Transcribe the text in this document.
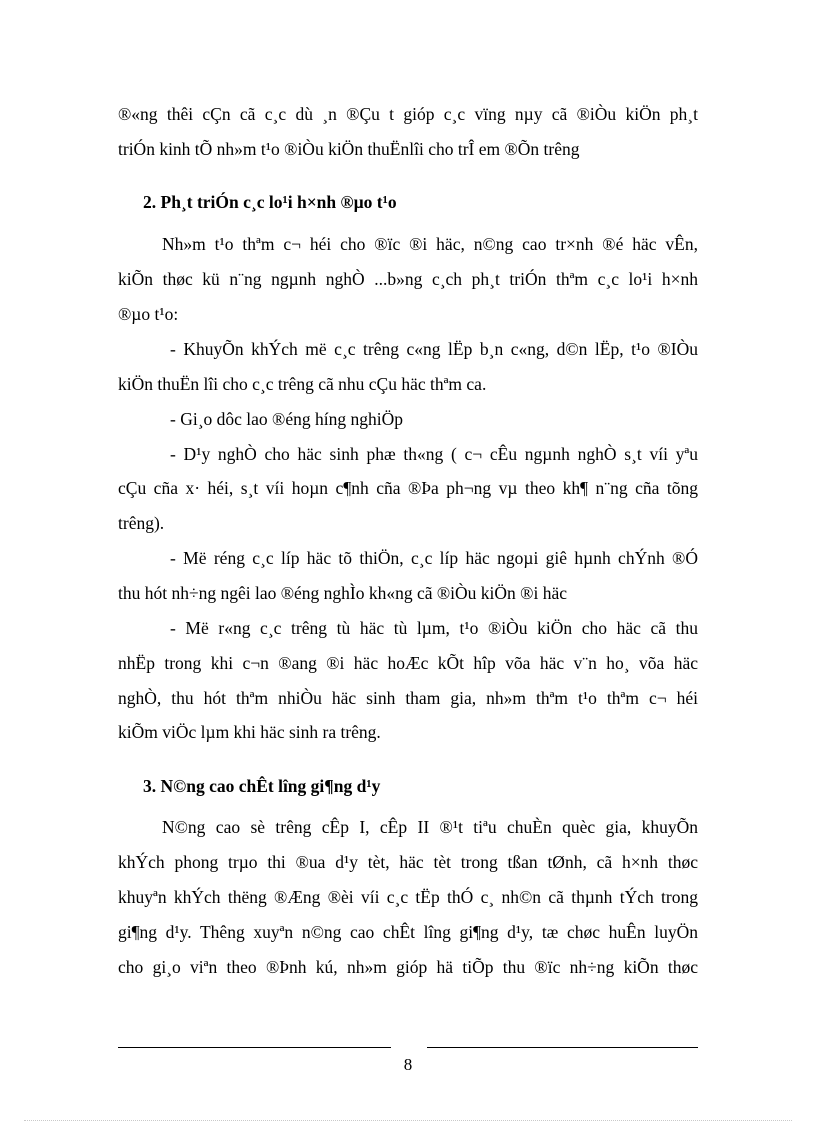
®«ng thêi cÇn cã c¸c dù ¸n ®Çu t gióp c¸c vïng nµy cã ®iÒu kiÖn ph¸t
triÓn kinh tÕ nh»m t¹o ®iÒu kiÖn thuËnlîi cho trÎ em ®Õn trêng
2. Ph¸t triÓn c¸c lo¹i h×nh ®µo t¹o
Nh»m t¹o thªm c¬ héi cho ®ïc ®i häc, n©ng cao tr×nh ®é häc vÊn,
kiÕn thøc kü n¨ng ngµnh nghÒ ...b»ng c¸ch ph¸t triÓn thªm c¸c lo¹i h×nh
®µo t¹o:
- KhuyÕn khÝch më c¸c trêng c«ng lËp b¸n c«ng, d©n lËp, t¹o ®IÒu
kiÖn thuËn lîi cho c¸c trêng cã nhu cÇu häc thªm ca.
- Gi¸o dôc lao ®éng híng nghiÖp
- D¹y nghÒ cho häc sinh phæ th«ng ( c¬ cÊu ngµnh nghÒ s¸t víi yªu
cÇu cña x· héi, s¸t víi hoµn c¶nh cña ®Þa ph¬ng vµ theo kh¶ n¨ng cña tõng
trêng).
- Më réng c¸c líp häc tõ thiÖn, c¸c líp häc ngoµi giê hµnh chÝnh ®Ó
thu hót nh÷ng ngêi lao ®éng nghÌo kh«ng cã ®iÒu kiÖn ®i häc
- Më r«ng c¸c trêng tù häc tù lµm, t¹o ®iÒu kiÖn cho häc cã thu
nhËp trong khi c¬n ®ang ®i häc hoÆc kÕt hîp võa häc v¨n ho¸ võa häc
nghÒ, thu hót thªm nhiÒu häc sinh tham gia, nh»m thªm t¹o thªm c¬ héi
kiÕm viÖc lµm khi häc sinh ra trêng.
3. N©ng cao chÊt lîng gi¶ng d¹y
N©ng cao sè trêng cÊp I, cÊp II ®¹t tiªu chuÈn quèc gia, khuyÕn
khÝch phong trµo thi ®ua d¹y tèt, häc tèt trong tßan tØnh, cã h×nh thøc
khuyªn khÝch thëng ®Æng ®èi víi c¸c tËp thÓ c¸ nh©n cã thµnh tÝch trong
gi¶ng d¹y. Thêng xuyªn n©ng cao chÊt lîng gi¶ng d¹y, tæ chøc huÊn luyÖn
cho gi¸o viªn theo ®Þnh kú, nh»m gióp hä tiÕp thu ®ïc nh÷ng kiÕn thøc
8
